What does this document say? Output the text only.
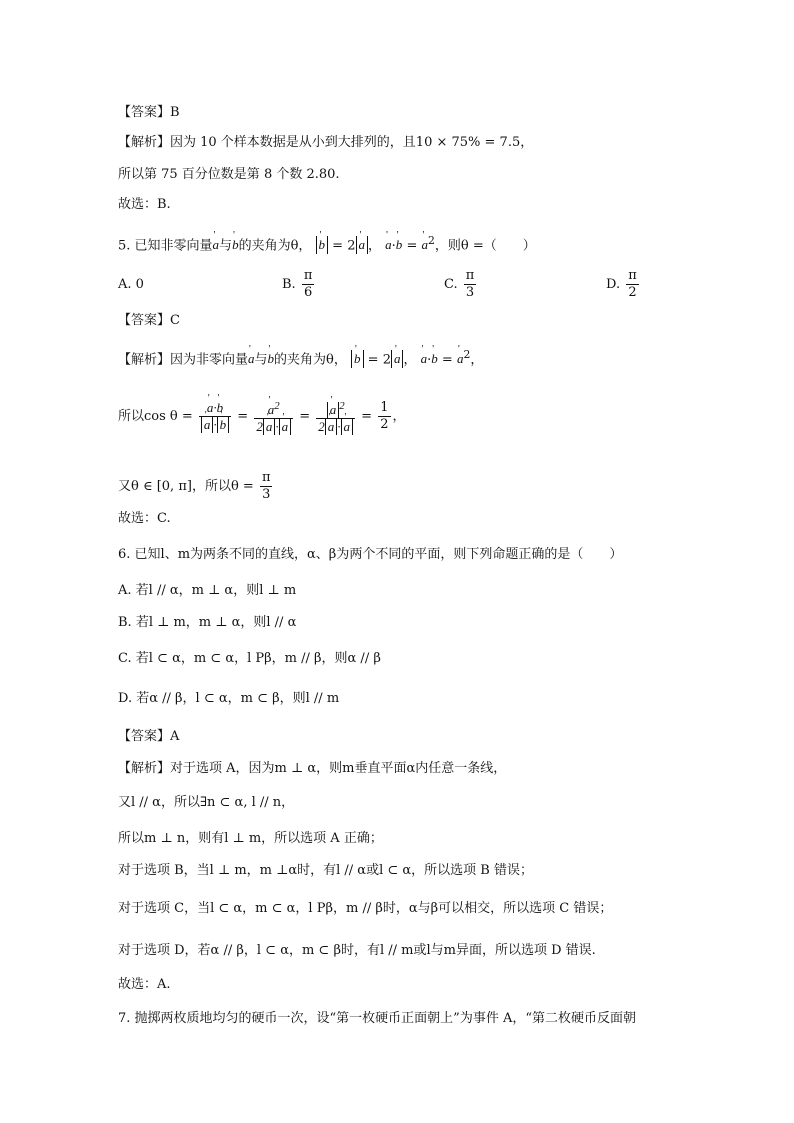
【答案】B
【解析】因为 10 个样本数据是从小到大排列的，且10 × 75% = 7.5，
所以第 75 百分位数是第 8 个数 2.80.
故选：B.
5. 已知非零向量' a与' b的夹角为θ， ' b = 2 ' a ， ' a·' b = ' $a^2$，则θ =（　　）
A. 0	B. $\frac{\pi}{6}$	C. $\frac{\pi}{3}$	D. $\frac{\pi}{2}$
【答案】C
【解析】因为非零向量' a与' b的夹角为θ， ' b = 2 ' a ， ' a·' b = ' $a^2$，
所以cos θ = ' a·' b
' a · ' b = ' $\frac{a^2}{2 ' a \cdot ' a}$ = ' $\frac{a ^2}{2 ' a \cdot ' a} = \frac{1}{2}$ ，
又θ ∈ [0, π]，所以$\theta = \frac{\pi}{3}$
故选：C.
6. 已知l、m为两条不同的直线，α、β为两个不同的平面，则下列命题正确的是（　　）
A. 若l // α，m ⊥ α，则l ⊥ m
B. 若l ⊥ m，m ⊥ α，则l // α
C. 若l ⊂ α，m ⊂ α，l Pβ，m // β，则α // β
D. 若α // β，l ⊂ α，m ⊂ β，则l // m
【答案】A
【解析】对于选项 A，因为m ⊥ α，则m垂直平面α内任意一条线，
又l // α，所以∃n ⊂ α, l // n，
所以m ⊥ n，则有l ⊥ m，所以选项 A 正确；
对于选项 B，当l ⊥ m，m ⊥α时，有l // α或l ⊂ α，所以选项 B 错误；
对于选项 C，当l ⊂ α，m ⊂ α，l Pβ，m // β时，α与β可以相交，所以选项 C 错误；
对于选项 D，若α // β，l ⊂ α，m ⊂ β时，有l // m或l与m异面，所以选项 D 错误.
故选：A.
7. 抛掷两枚质地均匀的硬币一次，设“第一枚硬币正面朝上”为事件 A，“第二枚硬币反面朝
